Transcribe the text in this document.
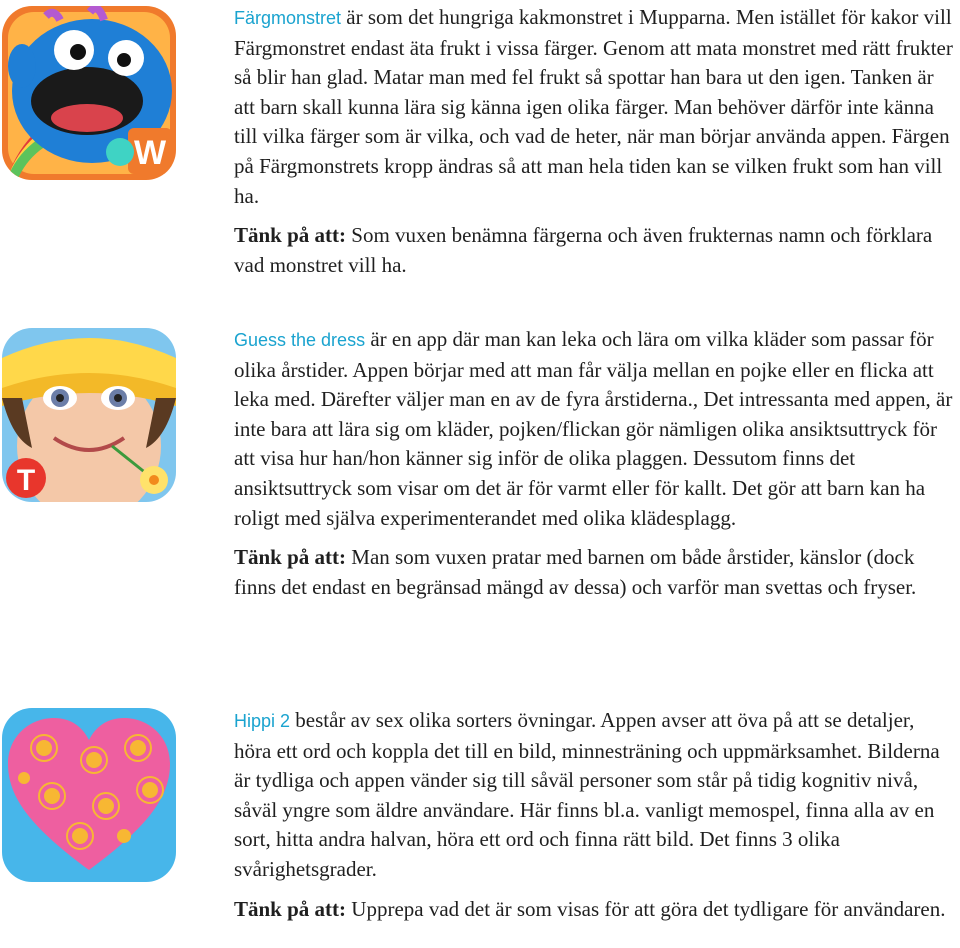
W

Färgmonstret är som det hungriga kakmonstret i Mupparna. Men istället för kakor vill Färgmonstret endast äta frukt i vissa färger. Genom att mata monstret med rätt frukter så blir han glad. Matar man med fel frukt så spottar han bara ut den igen. Tanken är att barn skall kunna lära sig känna igen olika färger. Man behöver därför inte känna till vilka färger som är vilka, och vad de heter, när man börjar använda appen. Färgen på Färgmonstrets kropp ändras så att man hela tiden kan se vilken frukt som han vill ha.

Tänk på att: Som vuxen benämna färgerna och även frukternas namn och förklara vad monstret vill ha.

T

Guess the dress är en app där man kan leka och lära om vilka kläder som passar för olika årstider. Appen börjar med att man får välja mellan en pojke eller en flicka att leka med. Därefter väljer man en av de fyra årstiderna., Det intressanta med appen, är inte bara att lära sig om kläder, pojken/flickan gör nämligen olika ansiktsuttryck för att visa hur han/hon känner sig inför de olika plaggen. Dessutom finns det ansiktsuttryck som visar om det är för varmt eller för kallt. Det gör att barn kan ha roligt med själva experimenterandet med olika klädesplagg.

Tänk på att: Man som vuxen pratar med barnen om både årstider, känslor (dock finns det endast en begränsad mängd av dessa) och varför man svettas och fryser.

Hippi 2 består av sex olika sorters övningar. Appen avser att öva på att se detaljer, höra ett ord och koppla det till en bild, minnesträning och uppmärksamhet. Bilderna är tydliga och appen vänder sig till såväl personer som står på tidig kognitiv nivå, såväl yngre som äldre användare. Här finns bl.a. vanligt memospel, finna alla av en sort, hitta andra halvan, höra ett ord och finna rätt bild. Det finns 3 olika svårighetsgrader.

Tänk på att: Upprepa vad det är som visas för att göra det tydligare för användaren.
